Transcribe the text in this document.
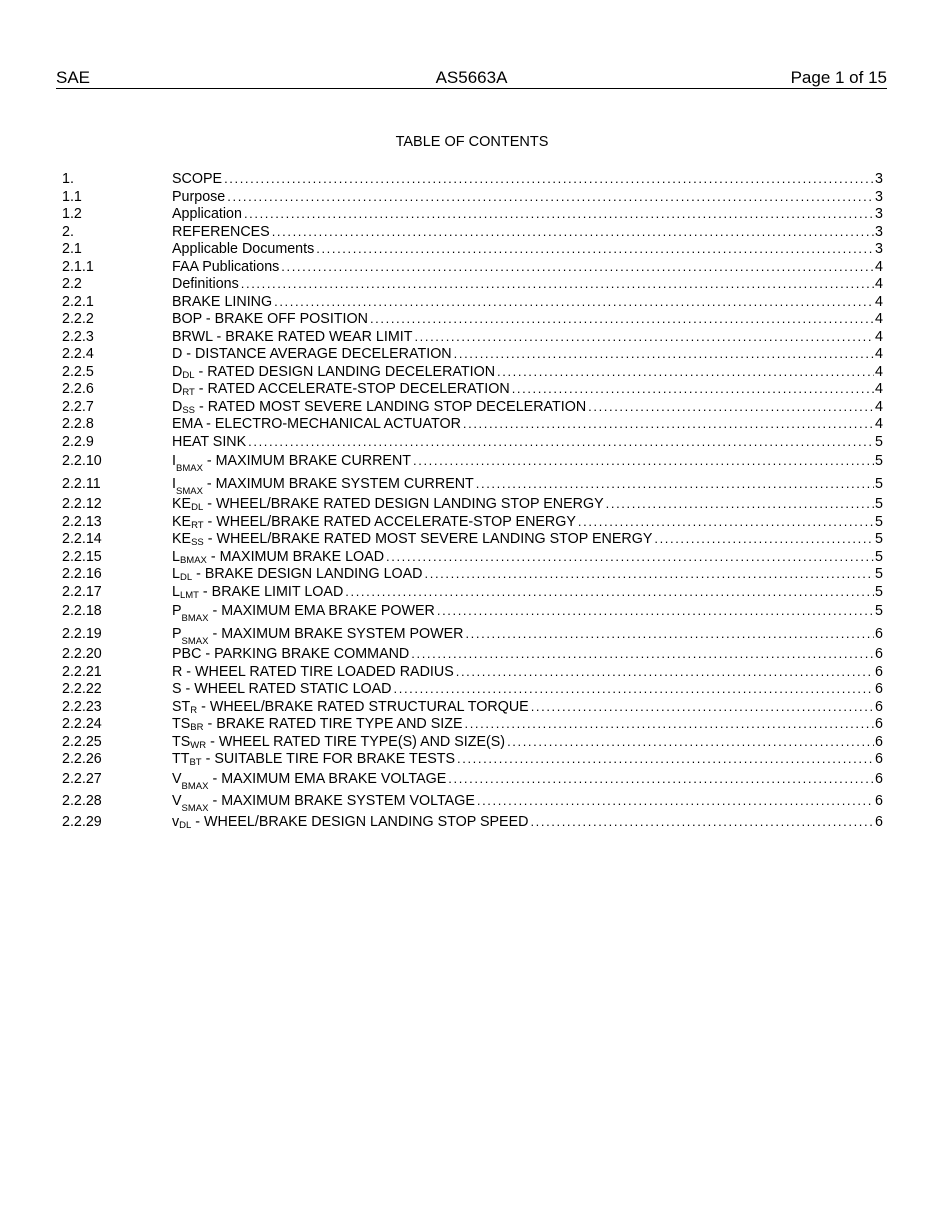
SAE	AS5663A	Page 1 of 15
TABLE OF CONTENTS
1.	SCOPE .....	3
1.1	Purpose .....	3
1.2	Application .....	3
2.	REFERENCES .....	3
2.1	Applicable Documents .....	3
2.1.1	FAA Publications .....	4
2.2	Definitions .....	4
2.2.1	BRAKE LINING .....	4
2.2.2	BOP - BRAKE OFF POSITION .....	4
2.2.3	BRWL - BRAKE RATED WEAR LIMIT .....	4
2.2.4	D - DISTANCE AVERAGE DECELERATION .....	4
2.2.5	$D_{DL}$ - RATED DESIGN LANDING DECELERATION .....	4
2.2.6	$D_{RT}$ - RATED ACCELERATE-STOP DECELERATION .....	4
2.2.7	$D_{SS}$ - RATED MOST SEVERE LANDING STOP DECELERATION .....	4
2.2.8	EMA - ELECTRO-MECHANICAL ACTUATOR .....	4
2.2.9	HEAT SINK .....	5
2.2.10	$I_{BMAX}$ - MAXIMUM BRAKE CURRENT .....	5
2.2.11	$I_{SMAX}$ - MAXIMUM BRAKE SYSTEM CURRENT .....	5
2.2.12	$KE_{DL}$ - WHEEL/BRAKE RATED DESIGN LANDING STOP ENERGY .....	5
2.2.13	$KE_{RT}$ - WHEEL/BRAKE RATED ACCELERATE-STOP ENERGY .....	5
2.2.14	$KE_{SS}$ - WHEEL/BRAKE RATED MOST SEVERE LANDING STOP ENERGY .....	5
2.2.15	$L_{BMAX}$ - MAXIMUM BRAKE LOAD .....	5
2.2.16	$L_{DL}$ - BRAKE DESIGN LANDING LOAD .....	5
2.2.17	$L_{LMT}$ - BRAKE LIMIT LOAD .....	5
2.2.18	$P_{BMAX}$ - MAXIMUM EMA BRAKE POWER .....	5
2.2.19	$P_{SMAX}$ - MAXIMUM BRAKE SYSTEM POWER .....	6
2.2.20	PBC - PARKING BRAKE COMMAND .....	6
2.2.21	R - WHEEL RATED TIRE LOADED RADIUS .....	6
2.2.22	S - WHEEL RATED STATIC LOAD .....	6
2.2.23	$ST_R$ - WHEEL/BRAKE RATED STRUCTURAL TORQUE .....	6
2.2.24	$TS_{BR}$ - BRAKE RATED TIRE TYPE AND SIZE .....	6
2.2.25	$TS_{WR}$ - WHEEL RATED TIRE TYPE(S) AND SIZE(S) .....	6
2.2.26	$TT_{BT}$ - SUITABLE TIRE FOR BRAKE TESTS .....	6
2.2.27	$V_{BMAX}$ - MAXIMUM EMA BRAKE VOLTAGE .....	6
2.2.28	$V_{SMAX}$ - MAXIMUM BRAKE SYSTEM VOLTAGE .....	6
2.2.29	$v_{DL}$ - WHEEL/BRAKE DESIGN LANDING STOP SPEED .....	6
